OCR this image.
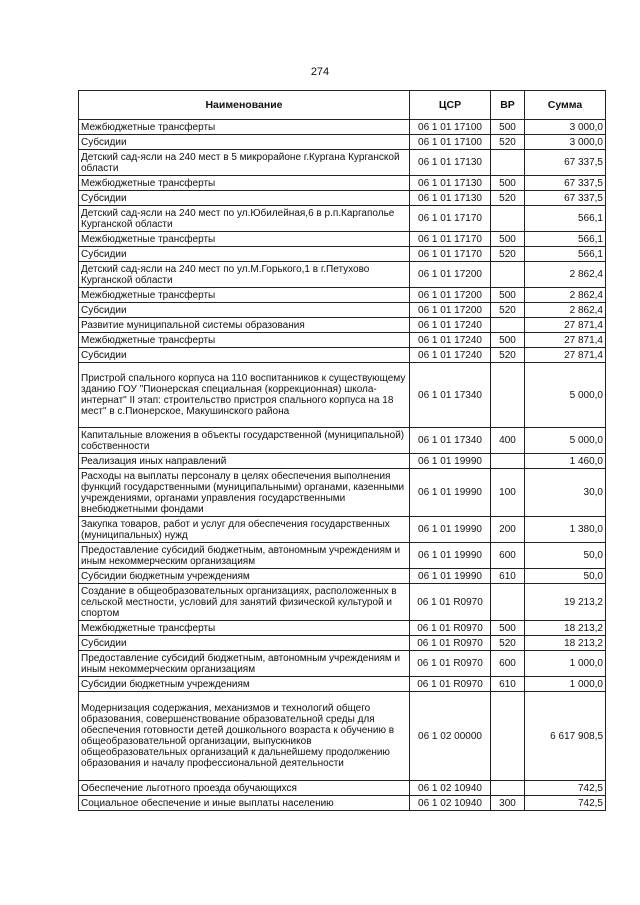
274
Наименование	ЦСР	ВР	Сумма
Межбюджетные трансферты	06 1 01 17100	500	3 000,0
Субсидии	06 1 01 17100	520	3 000,0
Детский сад-ясли на 240 мест в 5 микрорайоне г.Кургана Курганской области	06 1 01 17130		67 337,5
Межбюджетные трансферты	06 1 01 17130	500	67 337,5
Субсидии	06 1 01 17130	520	67 337,5
Детский сад-ясли на 240 мест по ул.Юбилейная,6 в р.п.Каргаполье Курганской области	06 1 01 17170		566,1
Межбюджетные трансферты	06 1 01 17170	500	566,1
Субсидии	06 1 01 17170	520	566,1
Детский сад-ясли на 240 мест по ул.М.Горького,1 в г.Петухово Курганской области	06 1 01 17200		2 862,4
Межбюджетные трансферты	06 1 01 17200	500	2 862,4
Субсидии	06 1 01 17200	520	2 862,4
Развитие муниципальной системы образования	06 1 01 17240		27 871,4
Межбюджетные трансферты	06 1 01 17240	500	27 871,4
Субсидии	06 1 01 17240	520	27 871,4
Пристрой спального корпуса на 110 воспитанников к существующему зданию ГОУ "Пионерская специальная (коррекционная) школа-интернат" II этап: строительство пристроя спального корпуса на 18 мест" в с.Пионерское, Макушинского района	06 1 01 17340		5 000,0
Капитальные вложения в объекты государственной (муниципальной) собственности	06 1 01 17340	400	5 000,0
Реализация иных направлений	06 1 01 19990		1 460,0
Расходы на выплаты персоналу в целях обеспечения выполнения функций государственными (муниципальными) органами, казенными учреждениями, органами управления государственными внебюджетными фондами	06 1 01 19990	100	30,0
Закупка товаров, работ и услуг для обеспечения государственных (муниципальных) нужд	06 1 01 19990	200	1 380,0
Предоставление субсидий бюджетным, автономным учреждениям и иным некоммерческим организациям	06 1 01 19990	600	50,0
Субсидии бюджетным учреждениям	06 1 01 19990	610	50,0
Создание в общеобразовательных организациях, расположенных в сельской местности, условий для занятий физической культурой и спортом	06 1 01 R0970		19 213,2
Межбюджетные трансферты	06 1 01 R0970	500	18 213,2
Субсидии	06 1 01 R0970	520	18 213,2
Предоставление субсидий бюджетным, автономным учреждениям и иным некоммерческим организациям	06 1 01 R0970	600	1 000,0
Субсидии бюджетным учреждениям	06 1 01 R0970	610	1 000,0
Модернизация содержания, механизмов и технологий общего образования, совершенствование образовательной среды для обеспечения готовности детей дошкольного возраста к обучению в общеобразовательной организации, выпускников общеобразовательных организаций к дальнейшему продолжению образования и началу профессиональной деятельности	06 1 02 00000		6 617 908,5
Обеспечение льготного проезда обучающихся	06 1 02 10940		742,5
Социальное обеспечение и иные выплаты населению	06 1 02 10940	300	742,5
